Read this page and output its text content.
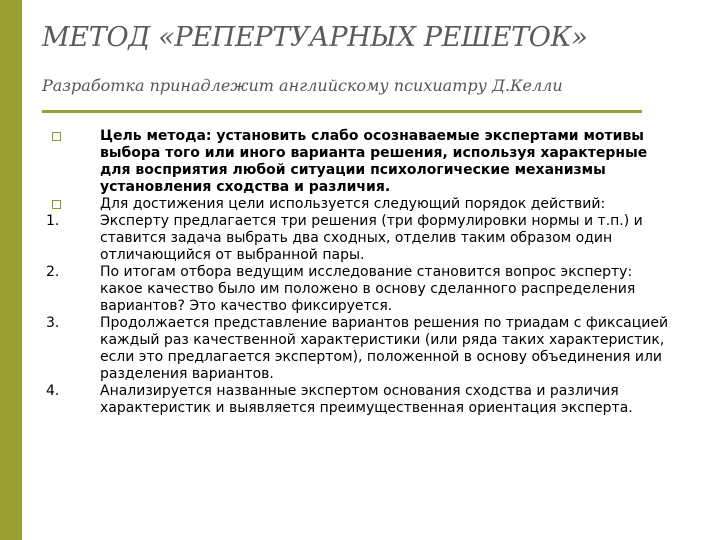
МЕТОД «РЕПЕРТУАРНЫХ РЕШЕТОК»
Разработка принадлежит английскому психиатру Д.Келли
Цель метода: установить слабо осознаваемые экспертами мотивы выбора того или иного варианта решения, используя характерные для восприятия любой ситуации психологические механизмы установления сходства и различия.
Для достижения цели используется следующий порядок действий:
1.	Эксперту предлагается три решения (три формулировки нормы и т.п.) и ставится задача выбрать два сходных, отделив таким образом один отличающийся от выбранной пары.
2.	По итогам отбора ведущим исследование становится вопрос эксперту: какое качество было им положено в основу сделанного распределения вариантов? Это качество фиксируется.
3.	Продолжается представление вариантов решения по триадам с фиксацией каждый раз качественной характеристики (или ряда таких характеристик, если это предлагается экспертом), положенной в основу объединения или разделения вариантов.
4.	Анализируется названные экспертом основания сходства и различия характеристик и выявляется преимущественная ориентация эксперта.
